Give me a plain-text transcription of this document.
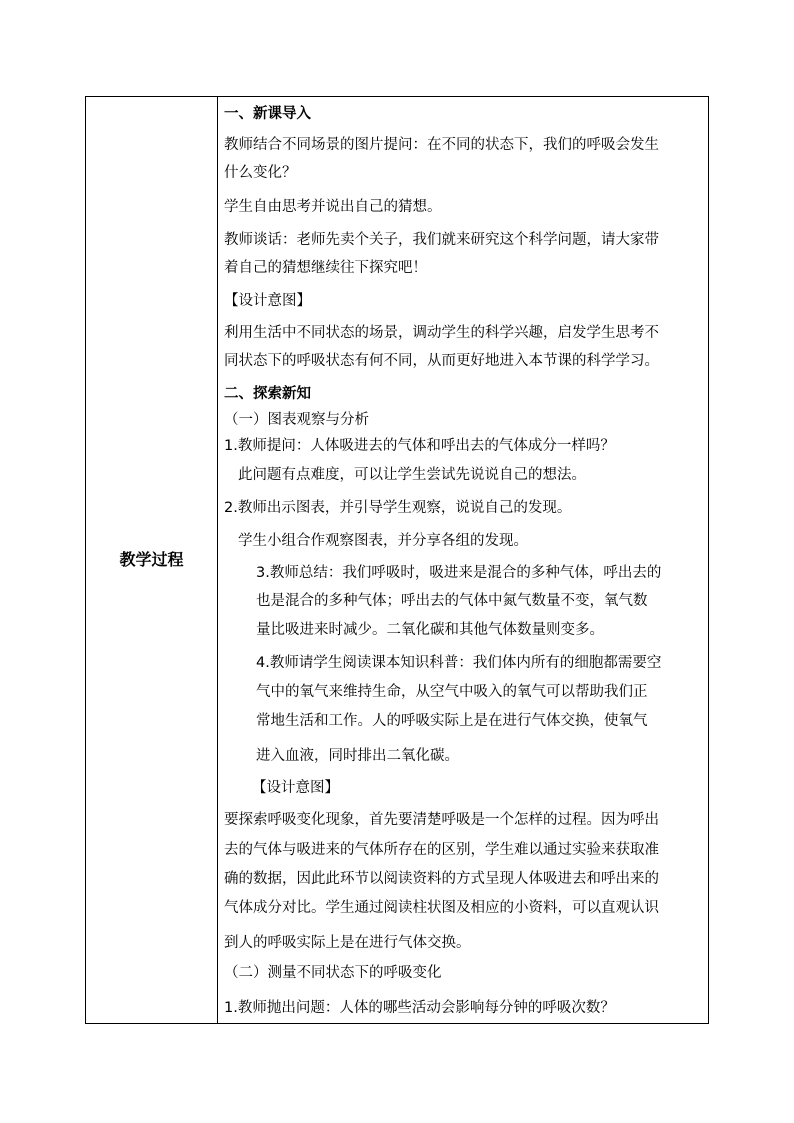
教学过程
一、新课导入
教师结合不同场景的图片提问：在不同的状态下，我们的呼吸会发生
什么变化？
学生自由思考并说出自己的猜想。
教师谈话：老师先卖个关子，我们就来研究这个科学问题，请大家带
着自己的猜想继续往下探究吧！
【设计意图】
利用生活中不同状态的场景，调动学生的科学兴趣，启发学生思考不
同状态下的呼吸状态有何不同，从而更好地进入本节课的科学学习。
二、探索新知
（一）图表观察与分析
1.教师提问：人体吸进去的气体和呼出去的气体成分一样吗？
此问题有点难度，可以让学生尝试先说说自己的想法。
2.教师出示图表，并引导学生观察，说说自己的发现。
学生小组合作观察图表，并分享各组的发现。
3.教师总结：我们呼吸时，吸进来是混合的多种气体，呼出去的
也是混合的多种气体；呼出去的气体中氮气数量不变，氧气数
量比吸进来时减少。二氧化碳和其他气体数量则变多。
4.教师请学生阅读课本知识科普：我们体内所有的细胞都需要空
气中的氧气来维持生命，从空气中吸入的氧气可以帮助我们正
常地生活和工作。人的呼吸实际上是在进行气体交换，使氧气
进入血液，同时排出二氧化碳。
【设计意图】
要探索呼吸变化现象，首先要清楚呼吸是一个怎样的过程。因为呼出
去的气体与吸进来的气体所存在的区别，学生难以通过实验来获取准
确的数据，因此此环节以阅读资料的方式呈现人体吸进去和呼出来的
气体成分对比。学生通过阅读柱状图及相应的小资料，可以直观认识
到人的呼吸实际上是在进行气体交换。
（二）测量不同状态下的呼吸变化
1.教师抛出问题：人体的哪些活动会影响每分钟的呼吸次数？
